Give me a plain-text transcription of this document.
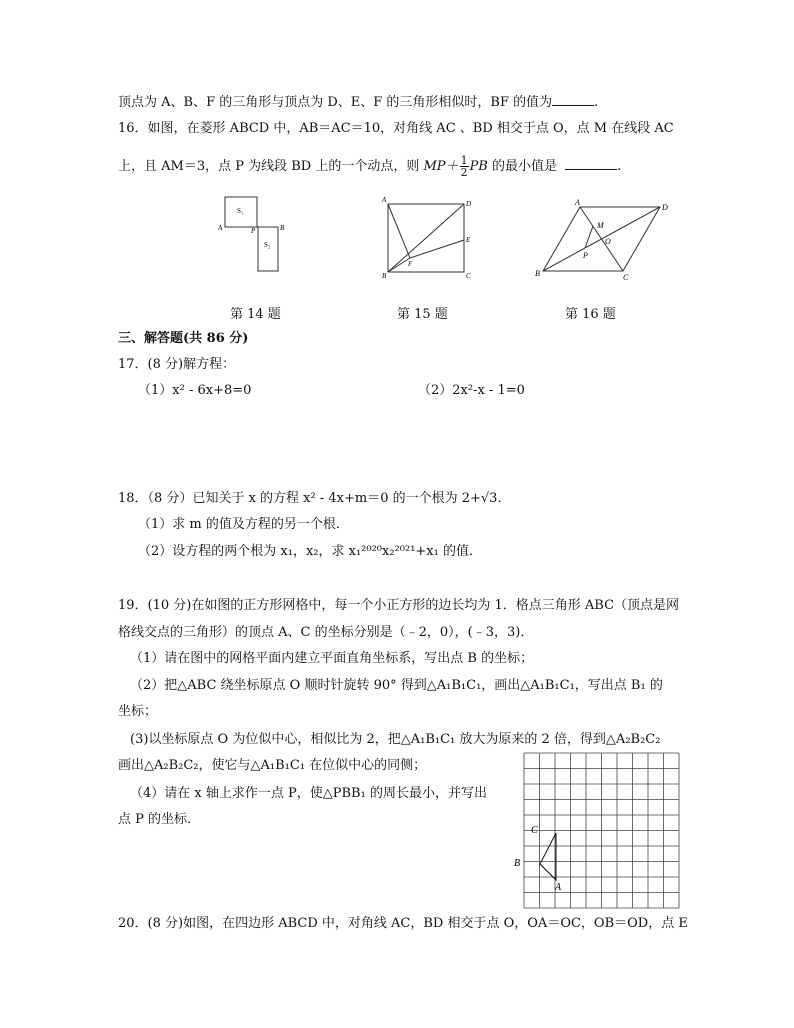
顶点为 A、B、F 的三角形与顶点为 D、E、F 的三角形相似时，BF 的值为	.
16．如图，在菱形 ABCD 中，AB＝AC＝10，对角线 AC 、BD 相交于点 O，点 M 在线段 AC
上，且 AM＝3，点 P 为线段 BD 上的一个动点，则 $MP+ \frac{1}{2}$ PB 的最小值是	.
S₁
S₂
A	P	B
第 14 题
A	D
E
F
B	C
第 15 题
A
D
M
O
P
B	C
第 16 题
三、解答题(共 86 分)
17．(8 分)解方程：
（1）x² - 6x+8=0	（2）2x²-x - 1=0
18．（8 分）已知关于 x 的方程 x² - 4x+m＝0 的一个根为 2+√3．
（1）求 m 的值及方程的另一个根．
（2）设方程的两个根为 x₁，x₂，求 x₁²⁰²⁰x₂²⁰²¹+x₁ 的值．
19．(10 分)在如图的正方形网格中，每一个小正方形的边长均为 1．格点三角形 ABC（顶点是网
格线交点的三角形）的顶点 A、C 的坐标分别是（﹣2，0），(﹣3，3)．
（1）请在图中的网格平面内建立平面直角坐标系，写出点 B 的坐标；
（2）把△ABC 绕坐标原点 O 顺时针旋转 90° 得到△A₁B₁C₁，画出△A₁B₁C₁，写出点 B₁ 的
坐标；
(3)以坐标原点 O 为位似中心，相似比为 2，把△A₁B₁C₁ 放大为原来的 2 倍，得到△A₂B₂C₂
画出△A₂B₂C₂，使它与△A₁B₁C₁ 在位似中心的同侧；
（4）请在 x 轴上求作一点 P，使△PBB₁ 的周长最小，并写出
点 P 的坐标．
C
B
A
20．(8 分)如图，在四边形 ABCD 中，对角线 AC，BD 相交于点 O，OA＝OC，OB＝OD，点 E
